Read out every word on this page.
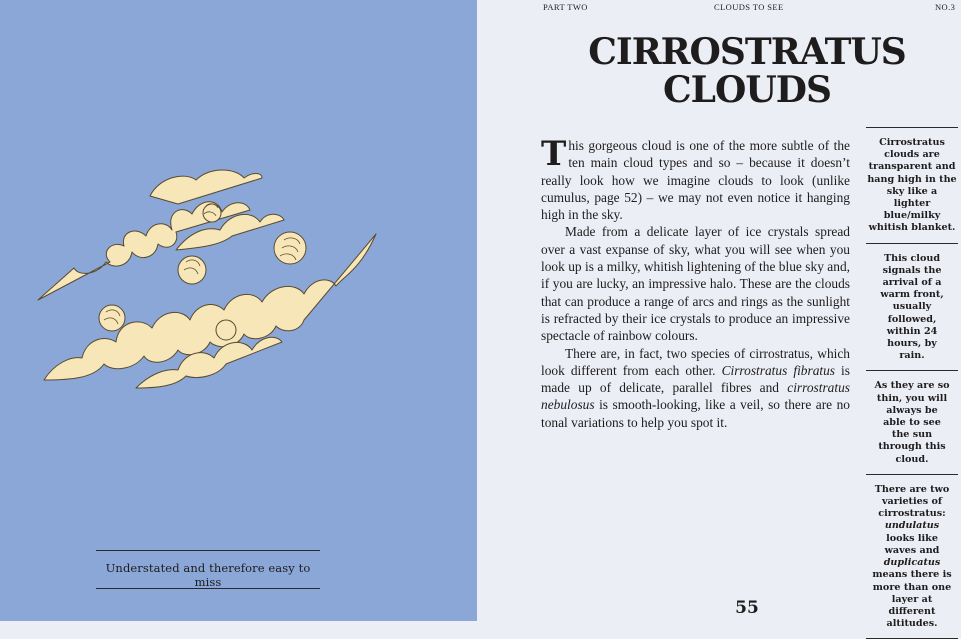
Understated and therefore easy to miss
PART TWO	CLOUDS TO SEE	NO.3
CIRROSTRATUS
CLOUDS

This gorgeous cloud is one of the more subtle of the ten main cloud types and so – because it doesn’t really look how we imagine clouds to look (unlike cumulus, page 52) – we may not even notice it hanging high in the sky.

Made from a delicate layer of ice crystals spread over a vast expanse of sky, what you will see when you look up is a milky, whitish lightening of the blue sky and, if you are lucky, an impressive halo. These are the clouds that can produce a range of arcs and rings as the sunlight is refracted by their ice crystals to produce an impressive spectacle of rainbow colours.

There are, in fact, two species of cirrostratus, which look different from each other. Cirrostratus fibratus is made up of delicate, parallel fibres and cirrostratus nebulosus is smooth-looking, like a veil, so there are no tonal variations to help you spot it.

Cirrostratus clouds are transparent and hang high in the sky like a lighter blue/milky whitish blanket.
This cloud signals the arrival of a warm front, usually followed, within 24 hours, by rain.
As they are so thin, you will always be able to see the sun through this cloud.
There are two varieties of cirrostratus: undulatus looks like waves and duplicatus means there is more than one layer at different altitudes.
55
